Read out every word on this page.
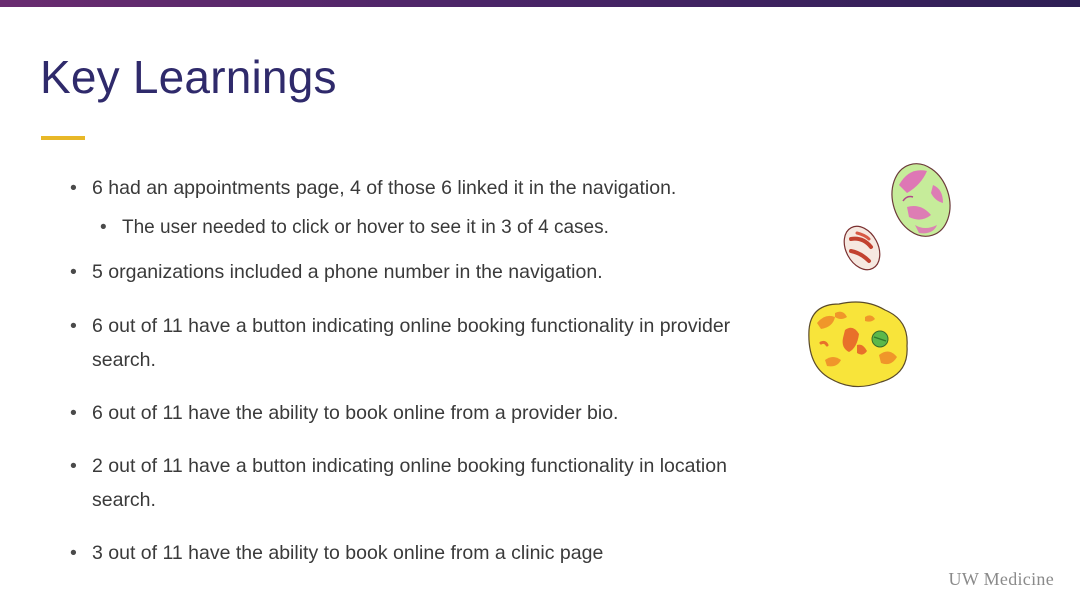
Key Learnings
• 6 had an appointments page, 4 of those 6 linked it in the navigation.
• The user needed to click or hover to see it in 3 of 4 cases.
• 5 organizations included a phone number in the navigation.
• 6 out of 11 have a button indicating online booking functionality in provider search.
• 6 out of 11 have the ability to book online from a provider bio.
• 2 out of 11 have a button indicating online booking functionality in location search.
• 3 out of 11 have the ability to book online from a clinic page
UW Medicine
